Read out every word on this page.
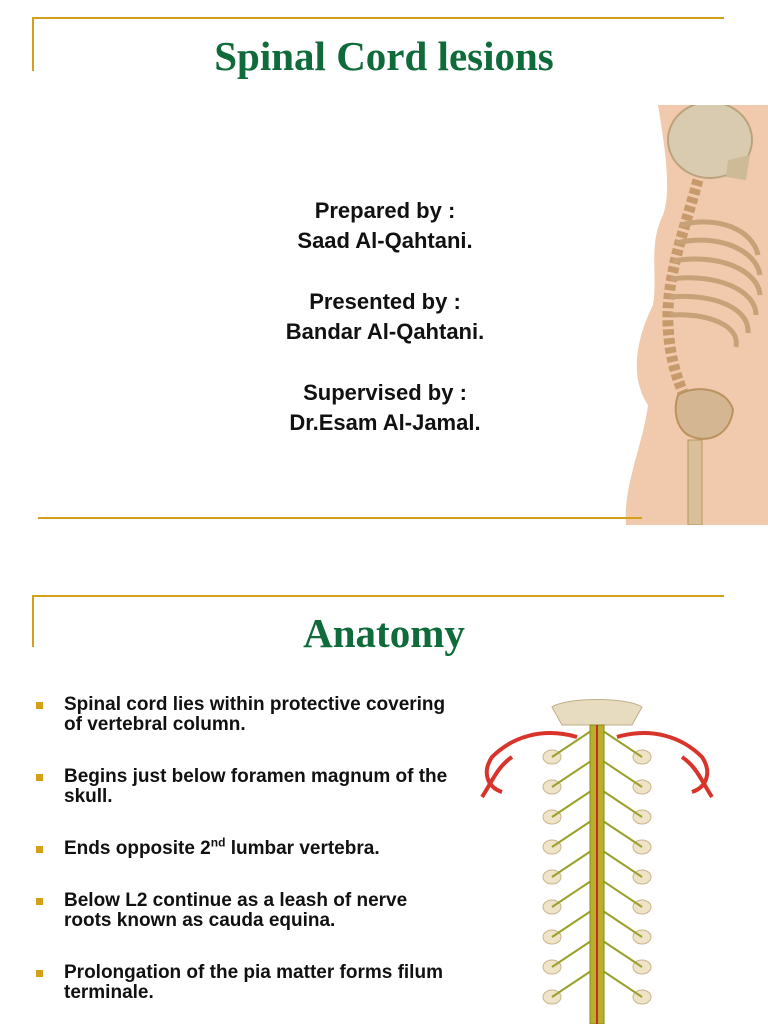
Spinal Cord lesions
Prepared by :
Saad Al-Qahtani.
Presented by :
Bandar Al-Qahtani.
Supervised by :
Dr.Esam Al-Jamal.
Anatomy
Spinal cord lies within protective covering of vertebral column.
Begins just below foramen magnum of the skull.
Ends opposite 2nd lumbar vertebra.
Below L2 continue as a leash of nerve roots known as cauda equina.
Prolongation of the pia matter forms filum terminale.
